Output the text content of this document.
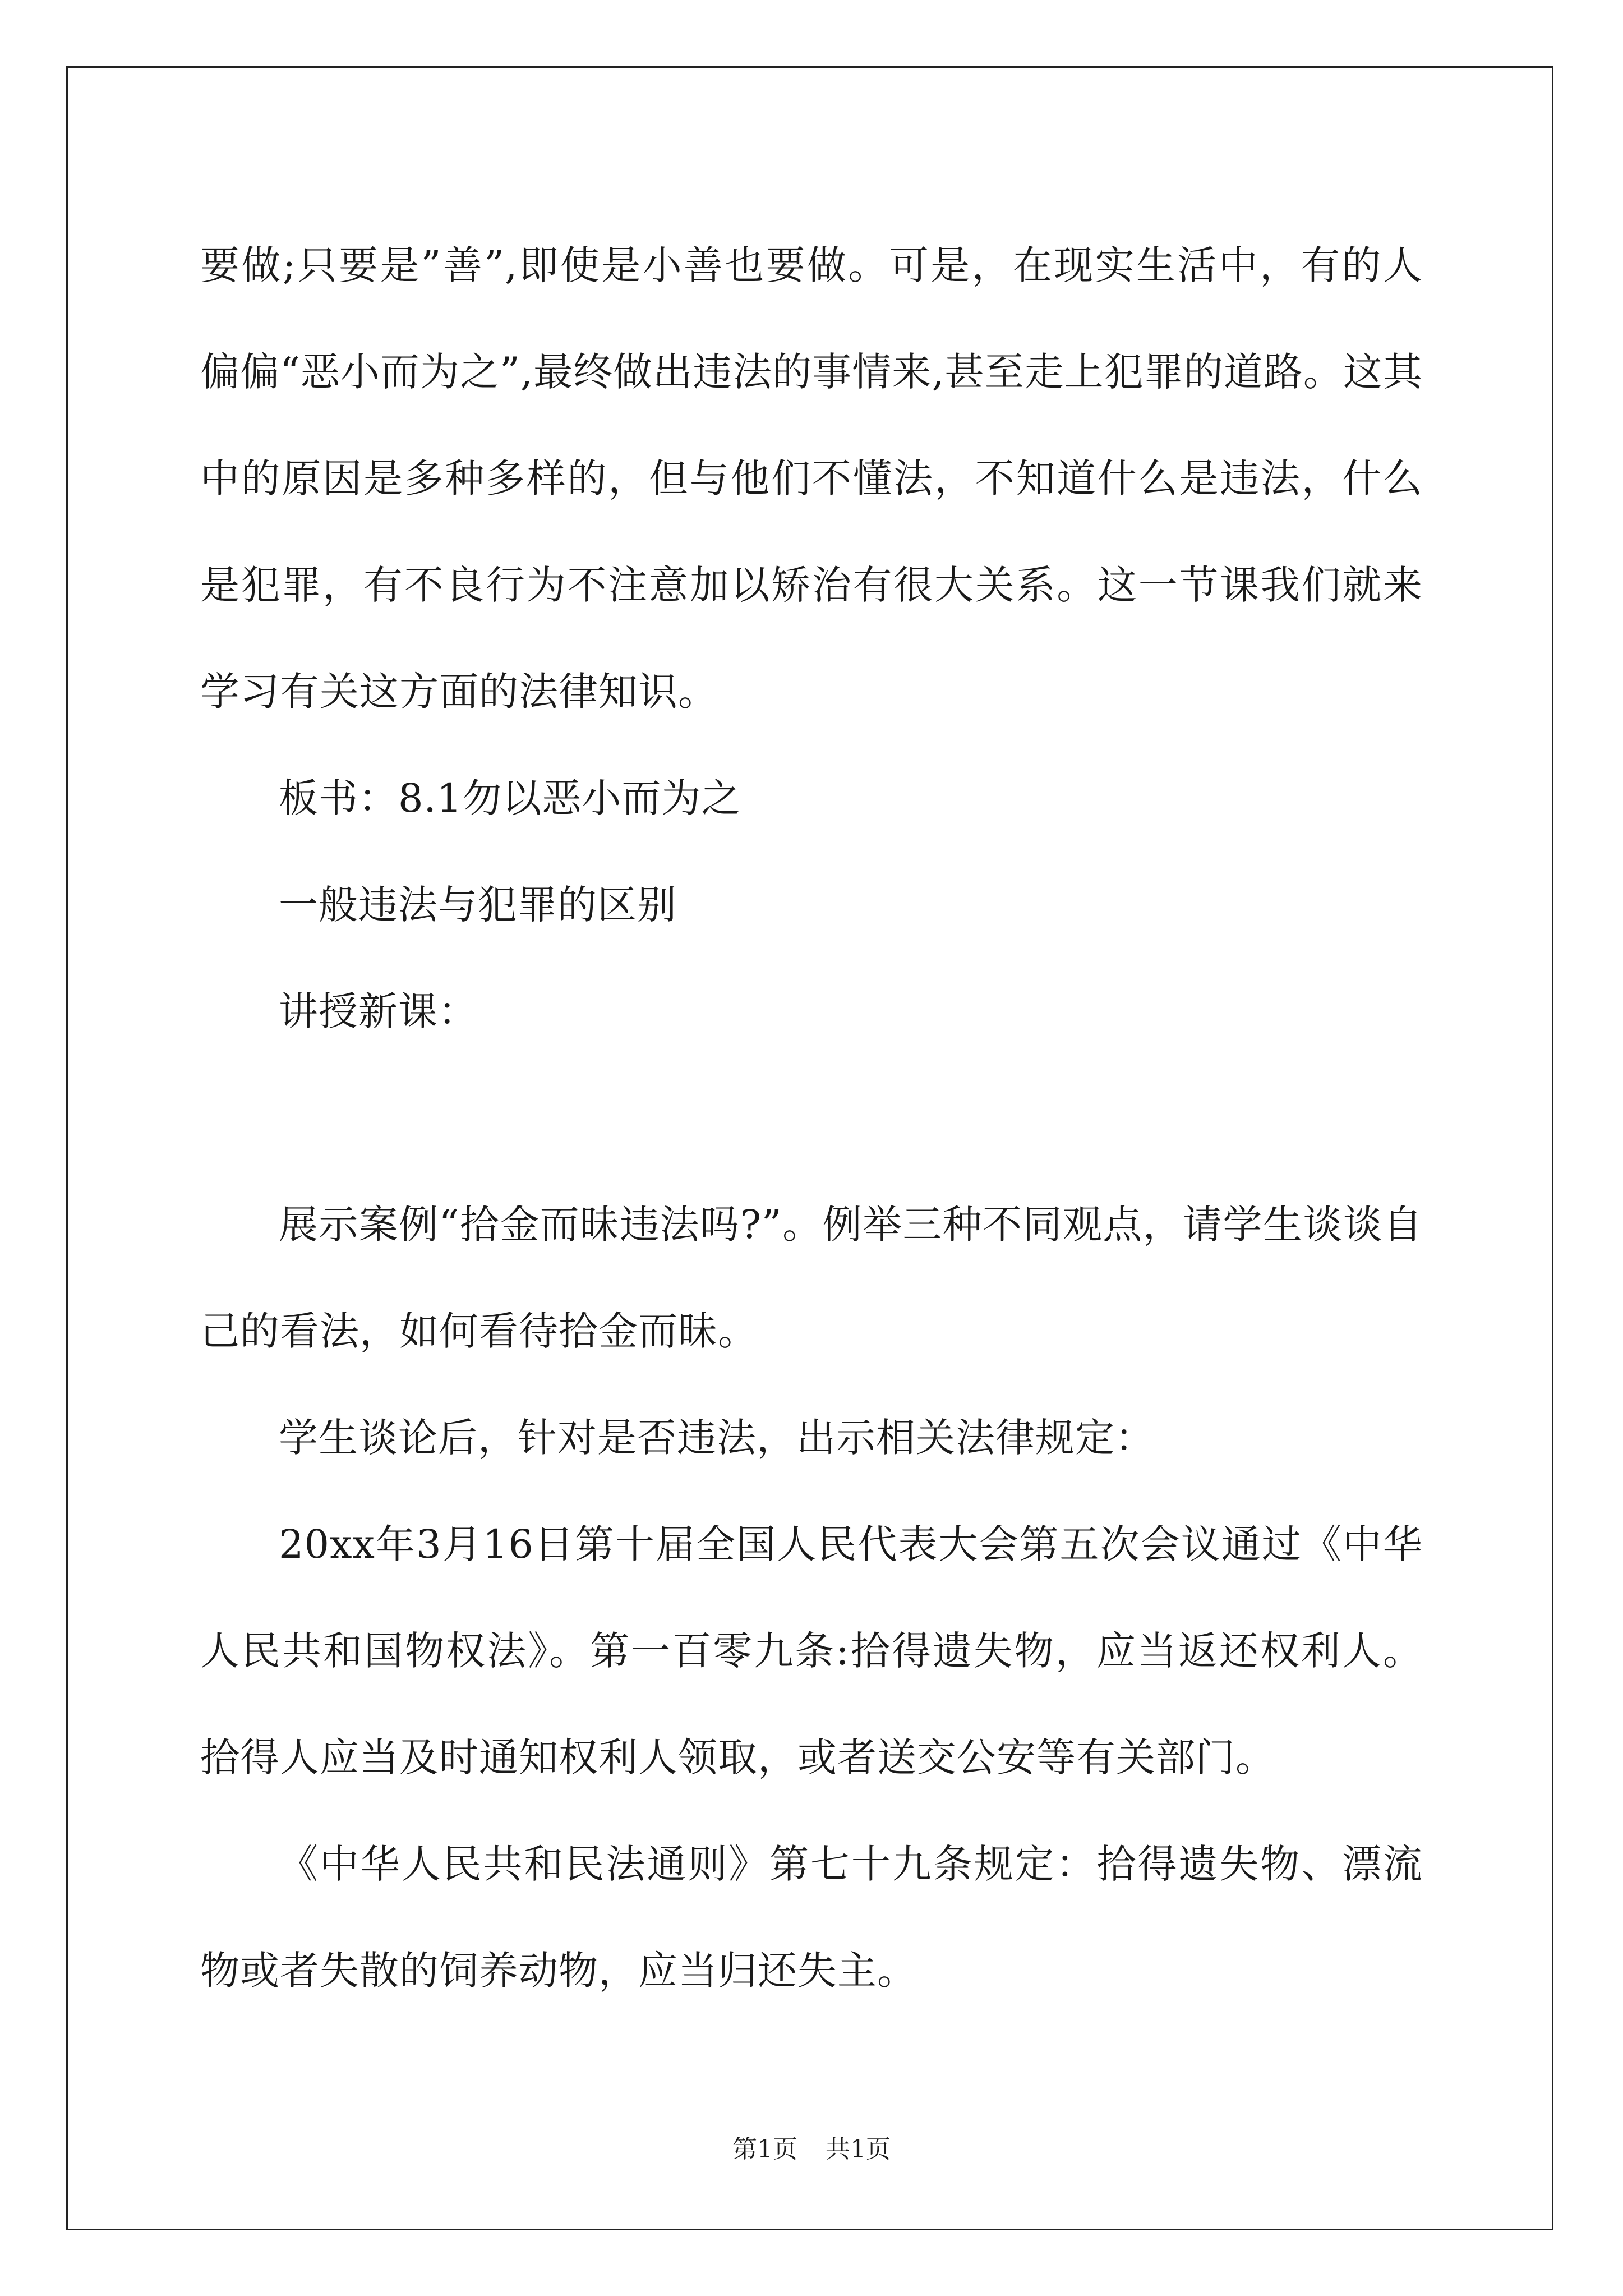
要做;只要是”善”,即使是小善也要做。可是，在现实生活中，有的人偏偏“恶小而为之”,最终做出违法的事情来,甚至走上犯罪的道路。这其中的原因是多种多样的，但与他们不懂法，不知道什么是违法，什么是犯罪，有不良行为不注意加以矫治有很大关系。这一节课我们就来学习有关这方面的法律知识。

板书：8.1勿以恶小而为之

一般违法与犯罪的区别

讲授新课：

展示案例“拾金而昧违法吗?”。例举三种不同观点，请学生谈谈自己的看法，如何看待拾金而昧。

学生谈论后，针对是否违法，出示相关法律规定：

20xx年3月16日第十届全国人民代表大会第五次会议通过《中华人民共和国物权法》。第一百零九条:拾得遗失物，应当返还权利人。拾得人应当及时通知权利人领取，或者送交公安等有关部门。

《中华人民共和民法通则》第七十九条规定：拾得遗失物、漂流物或者失散的饲养动物，应当归还失主。

第1页 共1页
